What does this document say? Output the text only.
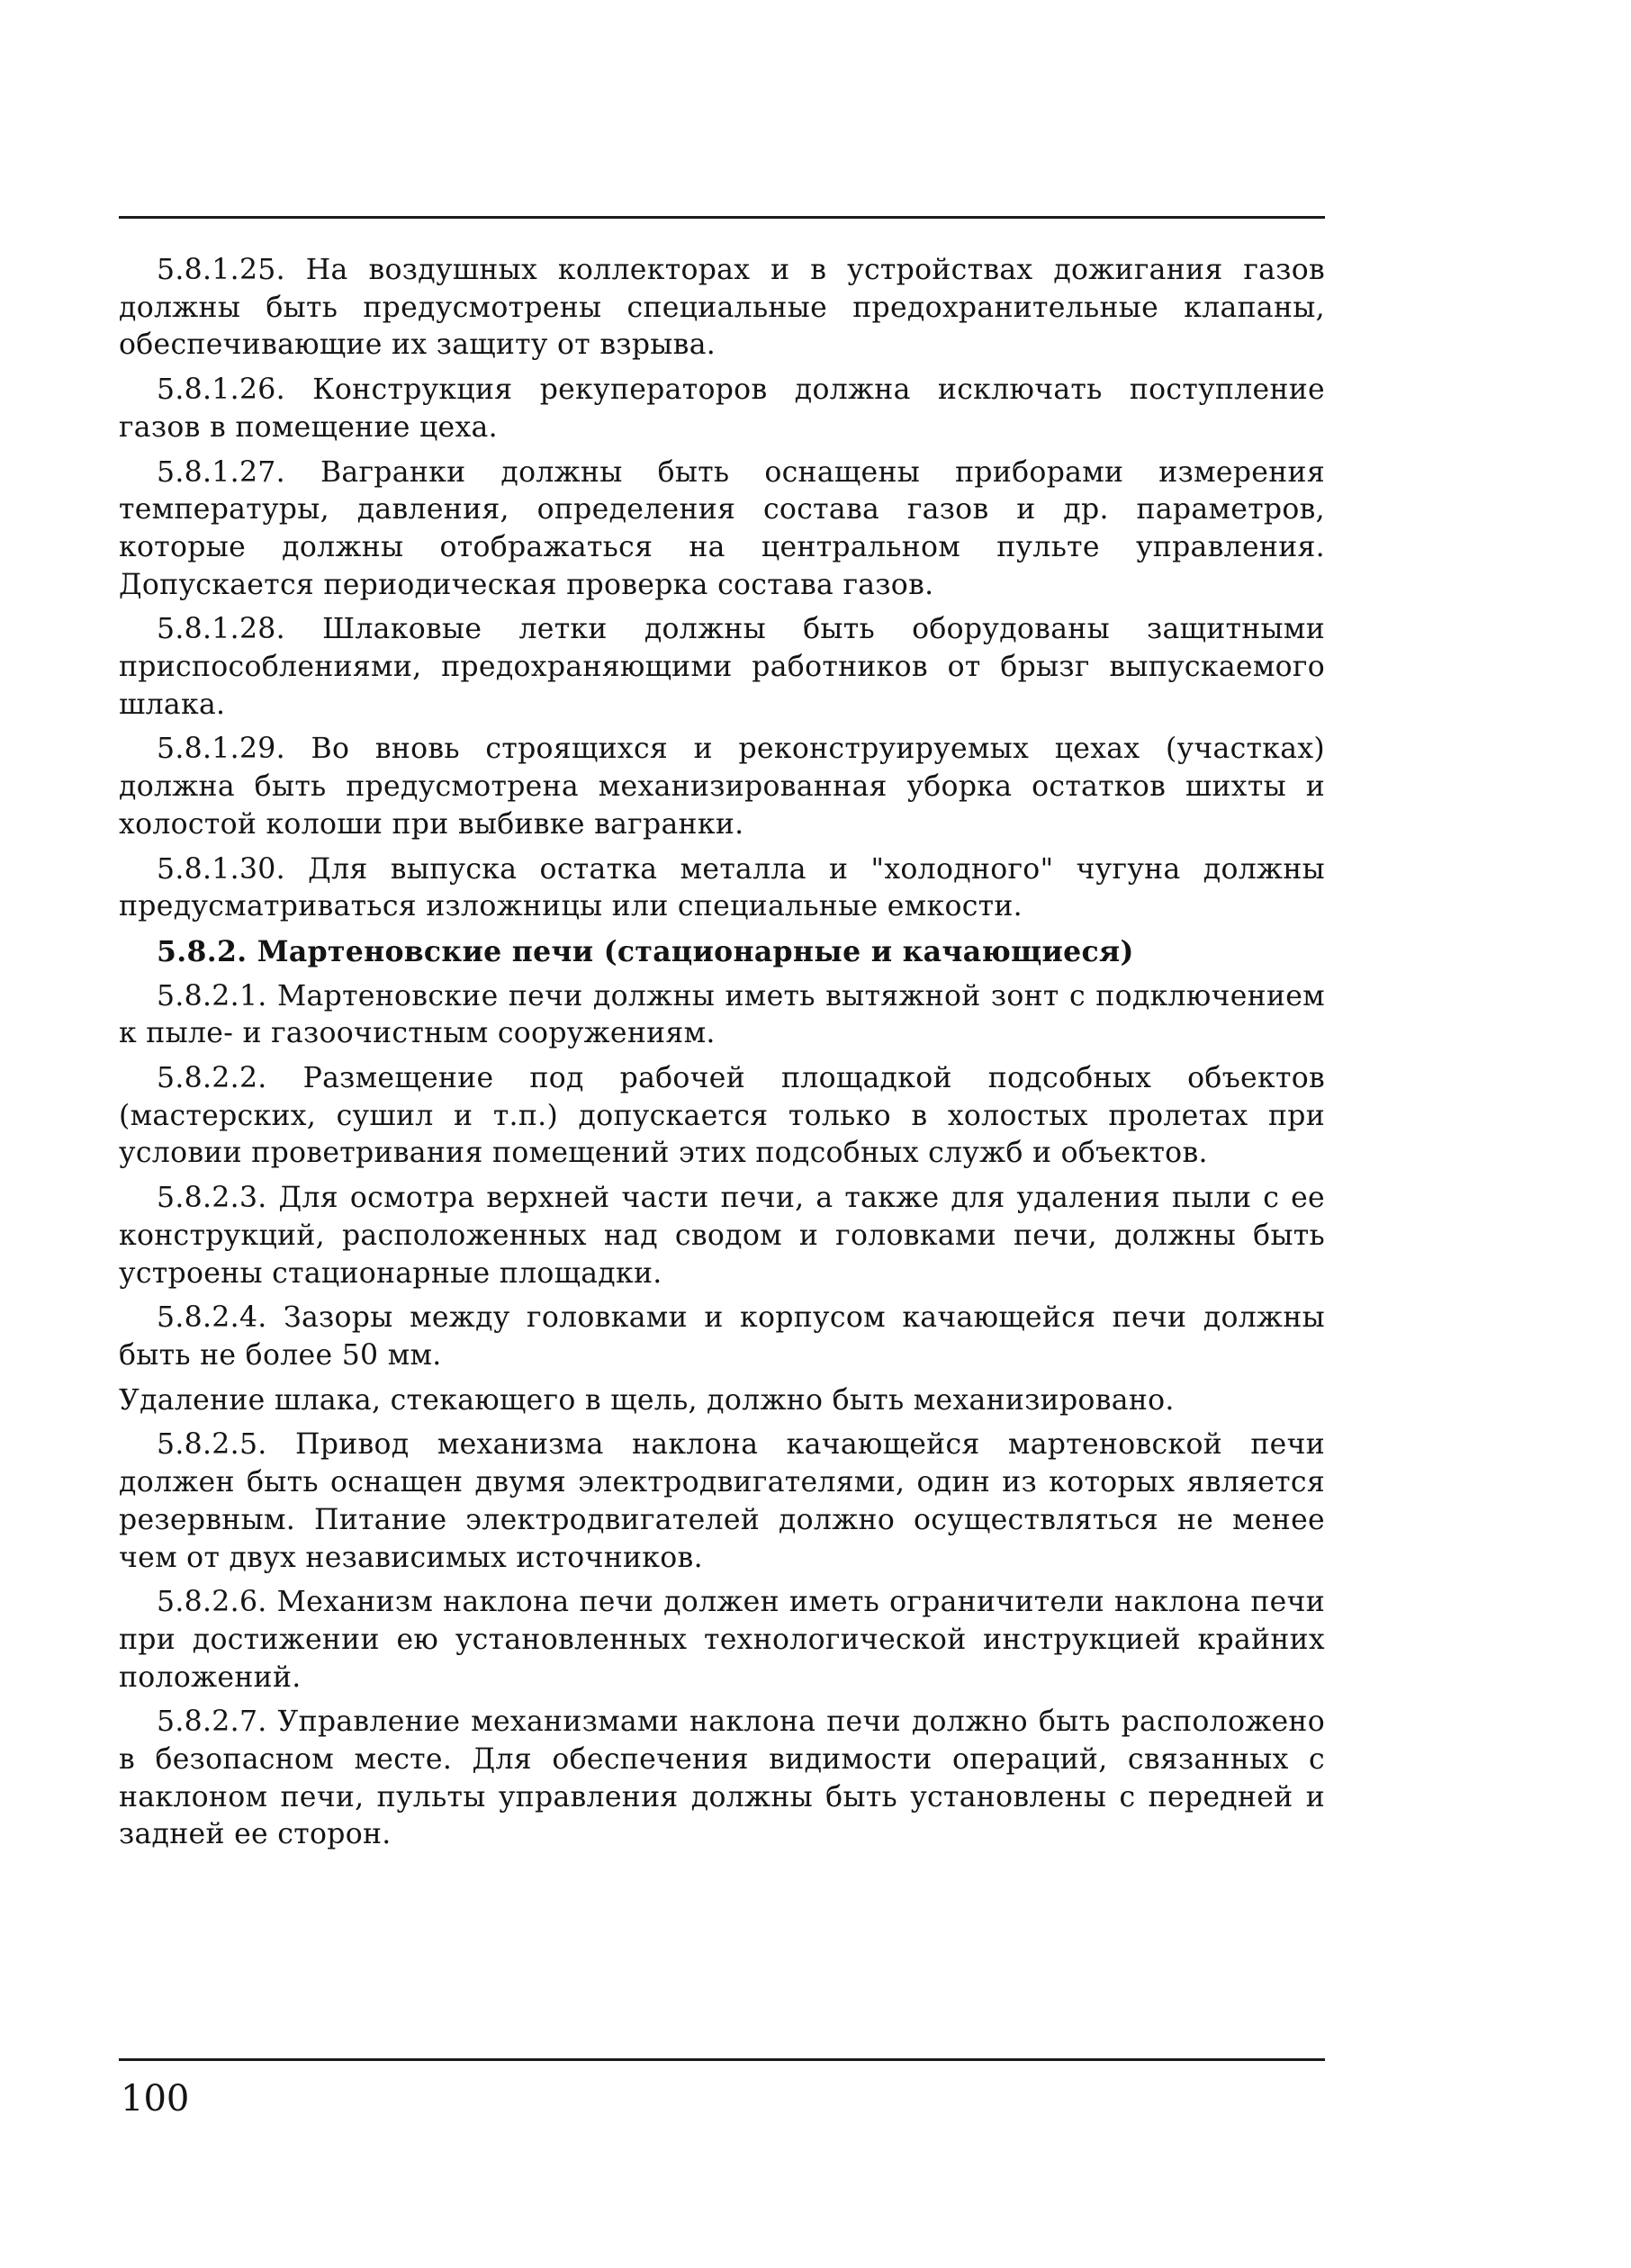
5.8.1.25. На воздушных коллекторах и в устройствах дожигания газов должны быть предусмотрены специальные предохранительные клапаны, обеспечивающие их защиту от взрыва.

5.8.1.26. Конструкция рекуператоров должна исключать поступление газов в помещение цеха.

5.8.1.27. Вагранки должны быть оснащены приборами измерения температуры, давления, определения состава газов и др. параметров, которые должны отображаться на центральном пульте управления. Допускается периодическая проверка состава газов.

5.8.1.28. Шлаковые летки должны быть оборудованы защитными приспособлениями, предохраняющими работников от брызг выпускаемого шлака.

5.8.1.29. Во вновь строящихся и реконструируемых цехах (участках) должна быть предусмотрена механизированная уборка остатков шихты и холостой колоши при выбивке вагранки.

5.8.1.30. Для выпуска остатка металла и "холодного" чугуна должны предусматриваться изложницы или специальные емкости.

5.8.2. Мартеновские печи (стационарные и качающиеся)

5.8.2.1. Мартеновские печи должны иметь вытяжной зонт с подключением к пыле- и газоочистным сооружениям.

5.8.2.2. Размещение под рабочей площадкой подсобных объектов (мастерских, сушил и т.п.) допускается только в холостых пролетах при условии проветривания помещений этих подсобных служб и объектов.

5.8.2.3. Для осмотра верхней части печи, а также для удаления пыли с ее конструкций, расположенных над сводом и головками печи, должны быть устроены стационарные площадки.

5.8.2.4. Зазоры между головками и корпусом качающейся печи должны быть не более 50 мм.

Удаление шлака, стекающего в щель, должно быть механизировано.

5.8.2.5. Привод механизма наклона качающейся мартеновской печи должен быть оснащен двумя электродвигателями, один из которых является резервным. Питание электродвигателей должно осуществляться не менее чем от двух независимых источников.

5.8.2.6. Механизм наклона печи должен иметь ограничители наклона печи при достижении ею установленных технологической инструкцией крайних положений.

5.8.2.7. Управление механизмами наклона печи должно быть расположено в безопасном месте. Для обеспечения видимости операций, связанных с наклоном печи, пульты управления должны быть установлены с передней и задней ее сторон.

100
